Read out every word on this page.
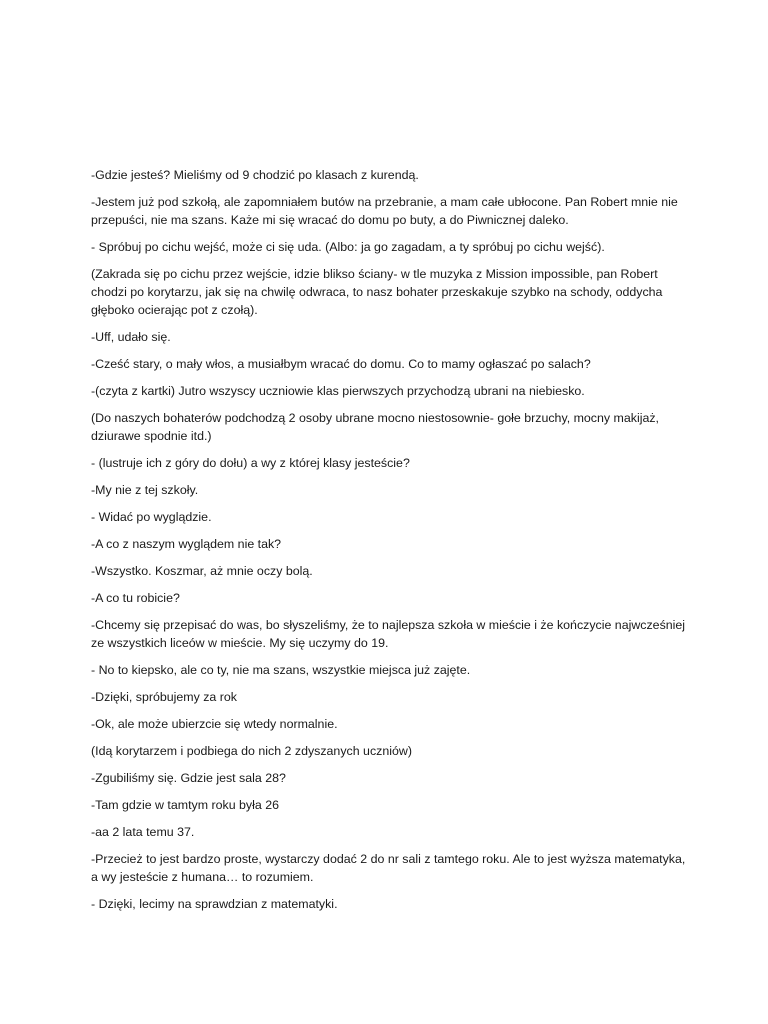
-Gdzie jesteś? Mieliśmy od 9 chodzić po klasach z kurendą.

-Jestem już pod szkołą, ale zapomniałem butów na przebranie, a mam całe ubłocone. Pan Robert mnie nie przepuści, nie ma szans. Każe mi się wracać do domu po buty, a do Piwnicznej daleko.

- Spróbuj po cichu wejść, może ci się uda. (Albo: ja go zagadam, a ty spróbuj po cichu wejść).

(Zakrada się po cichu przez wejście, idzie blikso ściany- w tle muzyka z Mission impossible, pan Robert chodzi po korytarzu, jak się na chwilę odwraca, to nasz bohater przeskakuje szybko na schody, oddycha głęboko ocierając pot z czołą).

-Uff, udało się.

-Cześć stary, o mały włos, a musiałbym wracać do domu. Co to mamy ogłaszać po salach?

-(czyta z kartki) Jutro wszyscy uczniowie klas pierwszych przychodzą ubrani na niebiesko.

(Do naszych bohaterów podchodzą 2 osoby ubrane mocno niestosownie- gołe brzuchy, mocny makijaż, dziurawe spodnie itd.)

- (lustruje ich z góry do dołu) a wy z której klasy jesteście?

-My nie z tej szkoły.

- Widać po wyglądzie.

-A co z naszym wyglądem nie tak?

-Wszystko. Koszmar, aż mnie oczy bolą.

-A co tu robicie?

-Chcemy się przepisać do was, bo słyszeliśmy, że to najlepsza szkoła w mieście i że kończycie najwcześniej ze wszystkich liceów w mieście. My się uczymy do 19.

- No to kiepsko, ale co ty, nie ma szans, wszystkie miejsca już zajęte.

-Dzięki, spróbujemy za rok

-Ok, ale może ubierzcie się wtedy normalnie.

(Idą korytarzem i podbiega do nich 2 zdyszanych uczniów)

-Zgubiliśmy się. Gdzie jest sala 28?

-Tam gdzie w tamtym roku była 26

-aa 2 lata temu 37.

-Przecież to jest bardzo proste, wystarczy dodać 2 do nr sali z tamtego roku. Ale to jest wyższa matematyka, a wy jesteście z humana… to rozumiem.

- Dzięki, lecimy na sprawdzian z matematyki.
